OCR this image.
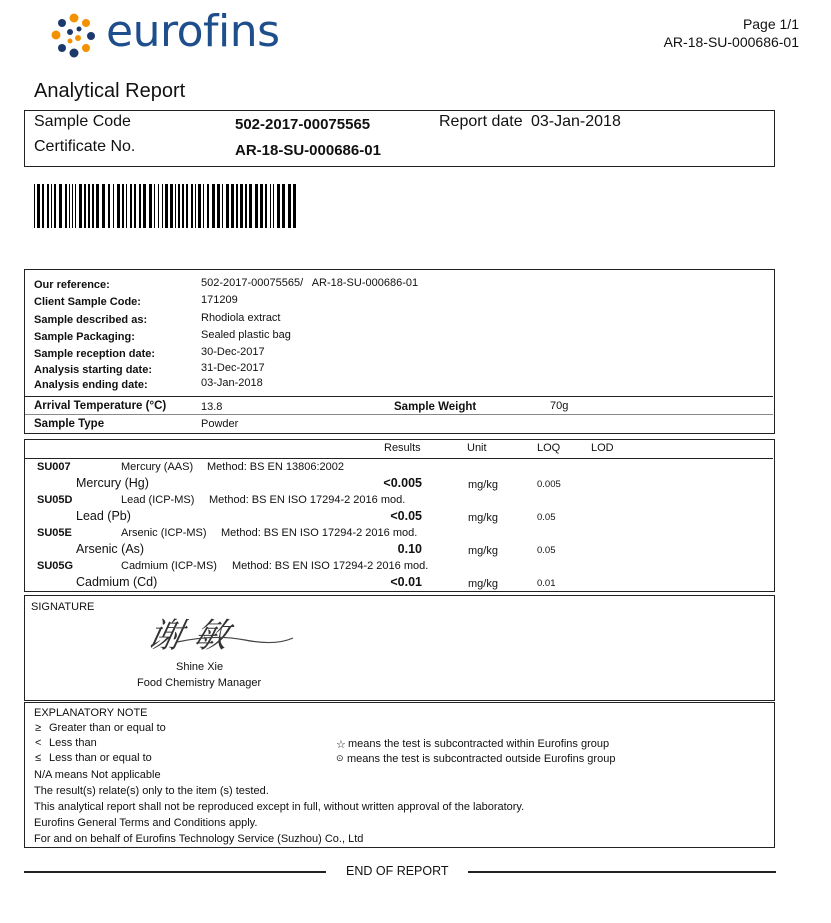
eurofins	Page 1/1
AR-18-SU-000686-01
Analytical Report
Sample Code	502-2017-00075565	Report date 03-Jan-2018
Certificate No.	AR-18-SU-000686-01
Our reference:	502-2017-00075565/   AR-18-SU-000686-01
Client Sample Code:	171209
Sample described as:	Rhodiola extract
Sample Packaging:	Sealed plastic bag
Sample reception date:	30-Dec-2017
Analysis starting date:	31-Dec-2017
Analysis ending date:	03-Jan-2018
Arrival Temperature (°C)	13.8	Sample Weight	70g
Sample Type	Powder
Results	Unit	LOQ	LOD
SU007	Mercury (AAS) Method: BS EN 13806:2002
Mercury (Hg)	<0.005	mg/kg	0.005
SU05D	Lead (ICP-MS) Method: BS EN ISO 17294-2 2016 mod.
Lead (Pb)	<0.05	mg/kg	0.05
SU05E	Arsenic (ICP-MS) Method: BS EN ISO 17294-2 2016 mod.
Arsenic (As)	0.10	mg/kg	0.05
SU05G	Cadmium (ICP-MS) Method: BS EN ISO 17294-2 2016 mod.
Cadmium (Cd)	<0.01	mg/kg	0.01
SIGNATURE
谢敏
Shine Xie
Food Chemistry Manager
EXPLANATORY NOTE
≥ Greater than or equal to
< Less than
≤ Less than or equal to
N/A means Not applicable
☆ means the test is subcontracted within Eurofins group
⊙ means the test is subcontracted outside Eurofins group
The result(s) relate(s) only to the item (s) tested.
This analytical report shall not be reproduced except in full, without written approval of the laboratory.
Eurofins General Terms and Conditions apply.
For and on behalf of Eurofins Technology Service (Suzhou) Co., Ltd
END OF REPORT
